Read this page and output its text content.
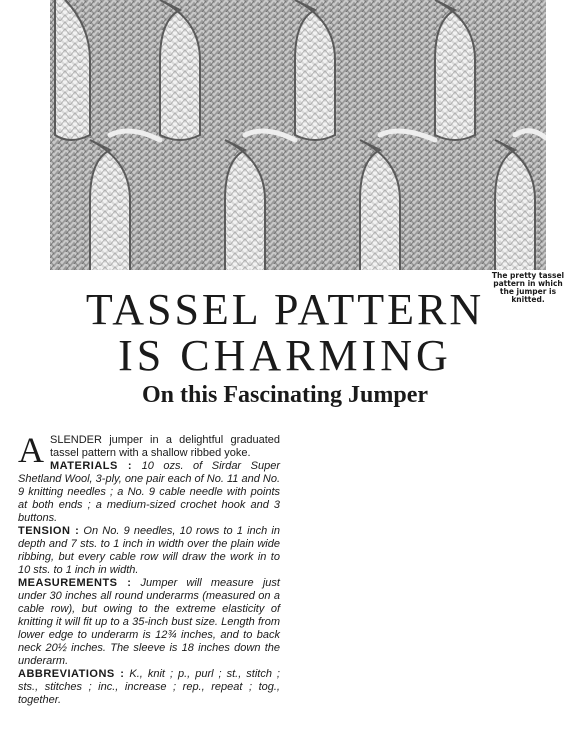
The pretty tassel
pattern in which
the jumper is
knitted.
TASSEL PATTERN
IS CHARMING
On this Fascinating Jumper

A SLENDER jumper in a delightful graduated tassel pattern with a shallow ribbed yoke.

MATERIALS : 10 ozs. of Sirdar Super Shetland Wool, 3-ply, one pair each of No. 11 and No. 9 knitting needles ; a No. 9 cable needle with points at both ends ; a medium-sized crochet hook and 3 buttons.

TENSION : On No. 9 needles, 10 rows to 1 inch in depth and 7 sts. to 1 inch in width over the plain wide ribbing, but every cable row will draw the work in to 10 sts. to 1 inch in width.

MEASUREMENTS : Jumper will measure just under 30 inches all round underarms (measured on a cable row), but owing to the extreme elasticity of knitting it will fit up to a 35-inch bust size. Length from lower edge to underarm is 12¾ inches, and to back neck 20½ inches. The sleeve is 18 inches down the underarm.

ABBREVIATIONS : K., knit ; p., purl ; st., stitch ; sts., stitches ; inc., increase ; rep., repeat ; tog., together.
